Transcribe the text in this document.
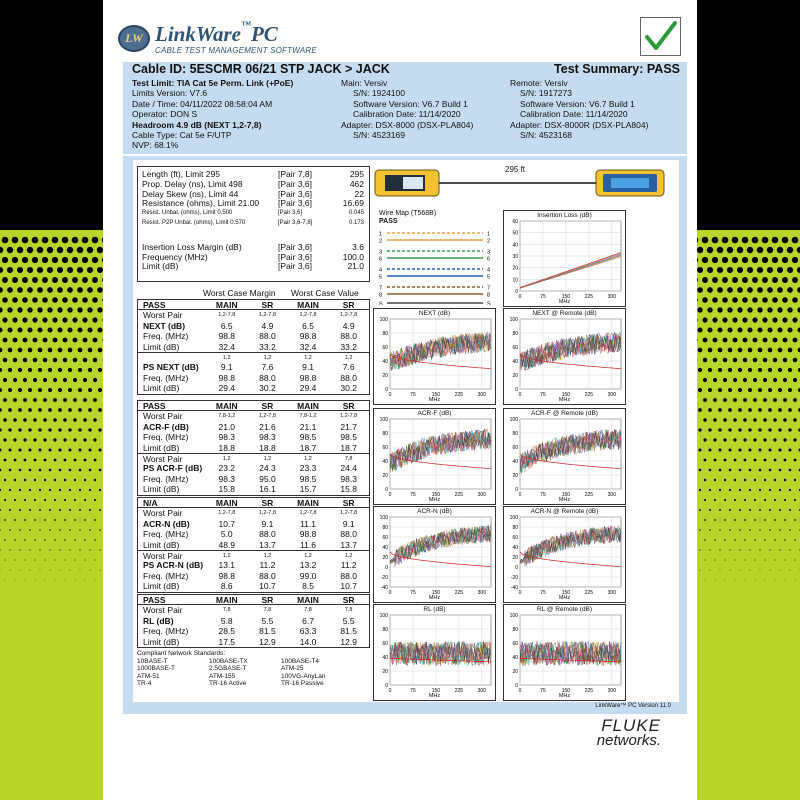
LW LinkWare™PC
CABLE TEST MANAGEMENT SOFTWARE
Cable ID: 5ESCMR 06/21 STP JACK > JACK	Test Summary: PASS
Test Limit: TIA Cat 5e Perm. Link (+PoE)
Limits Version: V7.6
Date / Time: 04/11/2022 08:58:04 AM
Operator: DON S
Headroom 4.9 dB (NEXT 1,2-7,8)
Cable Type: Cat 5e F/UTP
NVP: 68.1%
Main: Versiv
S/N: 1924100
Software Version: V6.7 Build 1
Calibration Date: 11/14/2020
Adapter: DSX-8000 (DSX-PLA804)
S/N: 4523169
Remote: Versiv
S/N: 1917273
Software Version: V6.7 Build 1
Calibration Date: 11/14/2020
Adapter: DSX-8000R (DSX-PLA804)
S/N: 4523168
Length (ft), Limit 295	[Pair 7,8]	295
Prop. Delay (ns), Limit 498	[Pair 3,6]	462
Delay Skew (ns), Limit 44	[Pair 3,6]	22
Resistance (ohms), Limit 21.00	[Pair 3,6]	16.69
Resist. Unbal. (ohms), Limit 0.500	[Pair 3,6]	0.045
Resist. P2P Unbal. (ohms), Limit 0.570	[Pair 3,6-7,8]	0.173
Insertion Loss Margin (dB)	[Pair 3,6]	3.6
Frequency (MHz)	[Pair 3,6]	100.0
Limit (dB)	[Pair 3,6]	21.0
Worst Case Margin Worst Case Value
PASS	MAIN	SR	MAIN	SR
Worst Pair	1,2-7,8	1,2-7,8	1,2-7,8	1,2-7,8
NEXT (dB)	6.5	4.9	6.5	4.9
Freq. (MHz)	98.8	88.0	98.8	88.0
Limit (dB)	32.4	33.2	32.4	33.2
1,2	1,2	1,2	1,2
PS NEXT (dB)	9.1	7.6	9.1	7.6
Freq. (MHz)	98.8	88.0	98.8	88.0
Limit (dB)	29.4	30.2	29.4	30.2
PASS	MAIN	SR	MAIN	SR
Worst Pair	7,8-1,2	1,2-7,8	7,8-1,2	1,2-7,8
ACR-F (dB)	21.0	21.6	21.1	21.7
Freq. (MHz)	98.3	98.3	98.5	98.5
Limit (dB)	18.8	18.8	18.7	18.7
Worst Pair	1,2	1,2	1,2	7,8
PS ACR-F (dB)	23.2	24.3	23.3	24.4
Freq. (MHz)	98.3	95.0	98.5	98.3
Limit (dB)	15.8	16.1	15.7	15.8
N/A	MAIN	SR	MAIN	SR
Worst Pair	1,2-7,8	1,2-7,8	1,2-7,8	1,2-7,8
ACR-N (dB)	10.7	9.1	11.1	9.1
Freq. (MHz)	5.0	88.0	98.8	88.0
Limit (dB)	48.9	13.7	11.6	13.7
Worst Pair	1,2	1,2	1,2	1,2
PS ACR-N (dB)	13.1	11.2	13.2	11.2
Freq. (MHz)	98.8	88.0	99.0	88.0
Limit (dB)	8.6	10.7	8.5	10.7
PASS	MAIN	SR	MAIN	SR
Worst Pair	7,8	7,8	7,8	7,8
RL (dB)	5.8	5.5	6.7	5.5
Freq. (MHz)	28.5	81.5	63.3	81.5
Limit (dB)	17.5	12.9	14.0	12.9
Compliant Network Standards:
10BASE-T	100BASE-TX	100BASE-T4
1000BASE-T	2.5GBASE-T	ATM-25
ATM-51	ATM-155	100VG-AnyLan
TR-4	TR-16 Active	TR-16 Passive
295 ft
Wire Map (T568B)
PASS
1	1
2	2
3	3
6	6
4	4
5	5
7	7
8	8
S	S
Insertion Loss (dB)
MHz
60
50
40
30
20
10
0
0	75	150	225	300
NEXT (dB)
MHz
100
80
60
40
20
0
0	75	150	225	300
NEXT @ Remote (dB)
MHz
100
80
60
40
20
0
0	75	150	225	300
ACR-F (dB)
MHz
100
80
60
40
20
0
0	75	150	225	300
ACR-F @ Remote (dB)
MHz
100
80
60
40
20
0
0	75	150	225	300
ACR-N (dB)
MHz
100
80
60
40
20
0
-20
-40
0	75	150	225	300
ACR-N @ Remote (dB)
MHz
100
80
60
40
20
0
-20
-40
0	75	150	225	300
RL (dB)
MHz
100
80
60
40
20
0
0	75	150	225	300
RL @ Remote (dB)
MHz
100
80
60
40
20
0
0	75	150	225	300
LinkWare™ PC Version 11.0
FLUKE
networks.
